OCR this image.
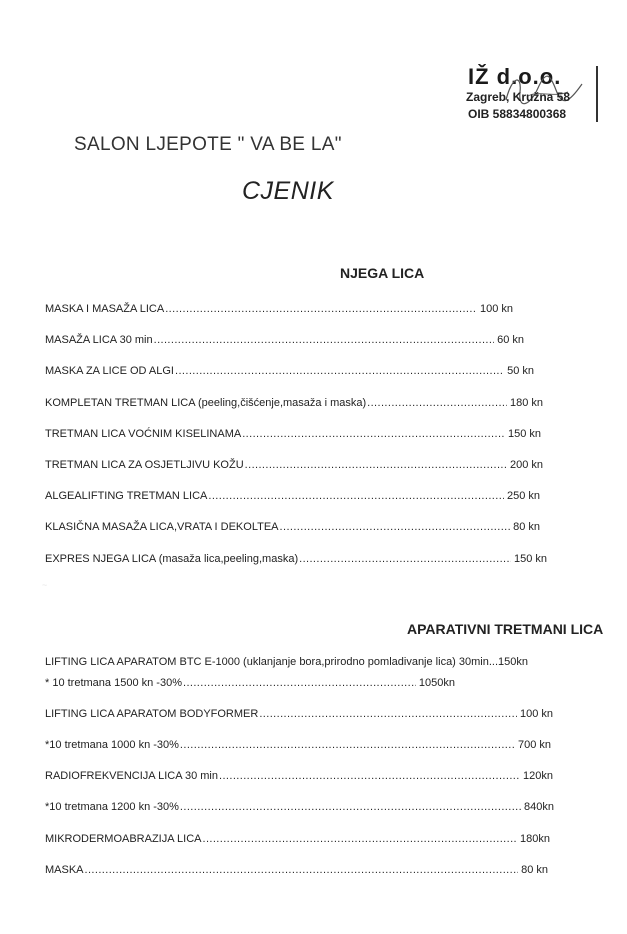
IŽ d.o.o.
Zagreb, Kružna 58
OIB 58834800368
SALON LJEPOTE " VA BE LA"
CJENIK
NJEGA LICA
MASKA I MASAŽA LICA .....	100 kn
MASAŽA LICA 30 min .....	60 kn
MASKA ZA LICE OD ALGI .....	50 kn
KOMPLETAN TRETMAN LICA (peeling,čišćenje,masaža i maska) .....	180 kn
TRETMAN LICA VOĆNIM KISELINAMA .....	150 kn
TRETMAN LICA ZA OSJETLJIVU KOŽU .....	200 kn
ALGEALIFTING TRETMAN LICA .....	250 kn
KLASIČNA MASAŽA LICA,VRATA I DEKOLTEA .....	80 kn
EXPRES NJEGA LICA (masaža lica,peeling,maska) .....	150 kn
~
APARATIVNI TRETMANI LICA
LIFTING LICA APARATOM BTC E-1000 (uklanjanje bora,prirodno pomladivanje lica) 30min...150kn
* 10 tretmana 1500 kn -30% .....	1050kn
LIFTING LICA APARATOM BODYFORMER .....	100 kn
*10 tretmana 1000 kn -30% .....	700 kn
RADIOFREKVENCIJA LICA 30 min .....	120kn
*10 tretmana 1200 kn -30% .....	840kn
MIKRODERMOABRAZIJA LICA .....	180kn
MASKA .....	80 kn
